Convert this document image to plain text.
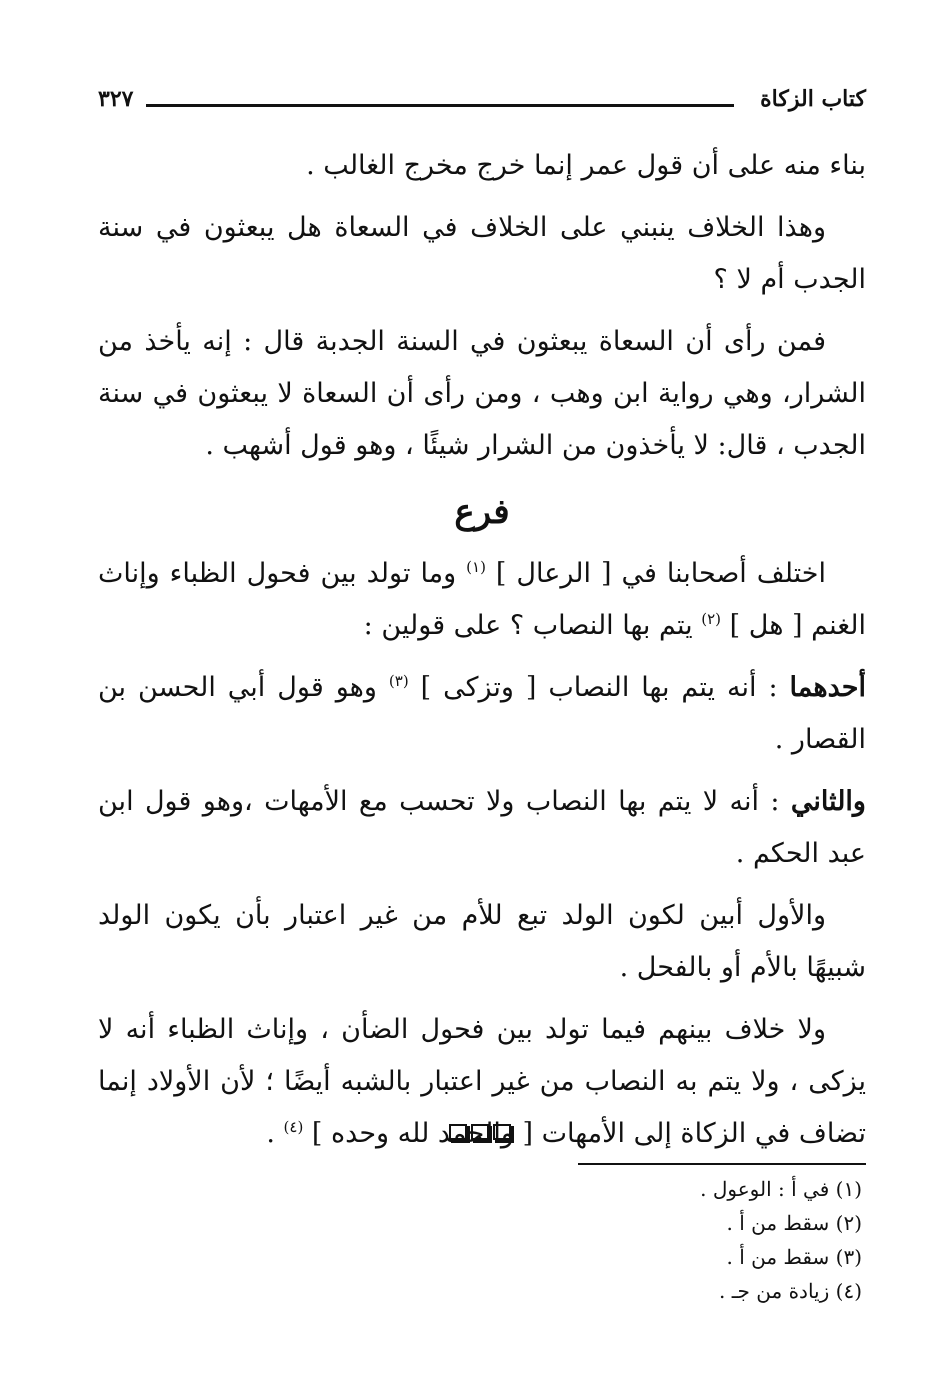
كتاب الزكاة
٣٢٧

بناء منه على أن قول عمر إنما خرج مخرج الغالب .

وهذا الخلاف ينبني على الخلاف في السعاة هل يبعثون في سنة الجدب أم لا ؟

فمن رأى أن السعاة يبعثون في السنة الجدبة قال : إنه يأخذ من الشرار، وهي رواية ابن وهب ، ومن رأى أن السعاة لا يبعثون في سنة الجدب ، قال: لا يأخذون من الشرار شيئًا ، وهو قول أشهب .

فرع

اختلف أصحابنا في [ الرعال ] $^{(١)}$ وما تولد بين فحول الظباء وإناث الغنم [ هل ] $^{(٢)}$ يتم بها النصاب ؟ على قولين :

أحدهما : أنه يتم بها النصاب [ وتزكى ] $^{(٣)}$ وهو قول أبي الحسن بن القصار .

والثاني : أنه لا يتم بها النصاب ولا تحسب مع الأمهات ،وهو قول ابن عبد الحكم .

والأول أبين لكون الولد تبع للأم من غير اعتبار بأن يكون الولد شبيهًا بالأم أو بالفحل .

ولا خلاف بينهم فيما تولد بين فحول الضأن ، وإناث الظباء أنه لا يزكى ، ولا يتم به النصاب من غير اعتبار بالشبه أيضًا ؛ لأن الأولاد إنما تضاف في الزكاة إلى الأمهات [ والحمد لله وحده ] $^{(٤)}$ .

(١) في أ : الوعول .
(٢) سقط من أ .
(٣) سقط من أ .
(٤) زيادة من جـ .
